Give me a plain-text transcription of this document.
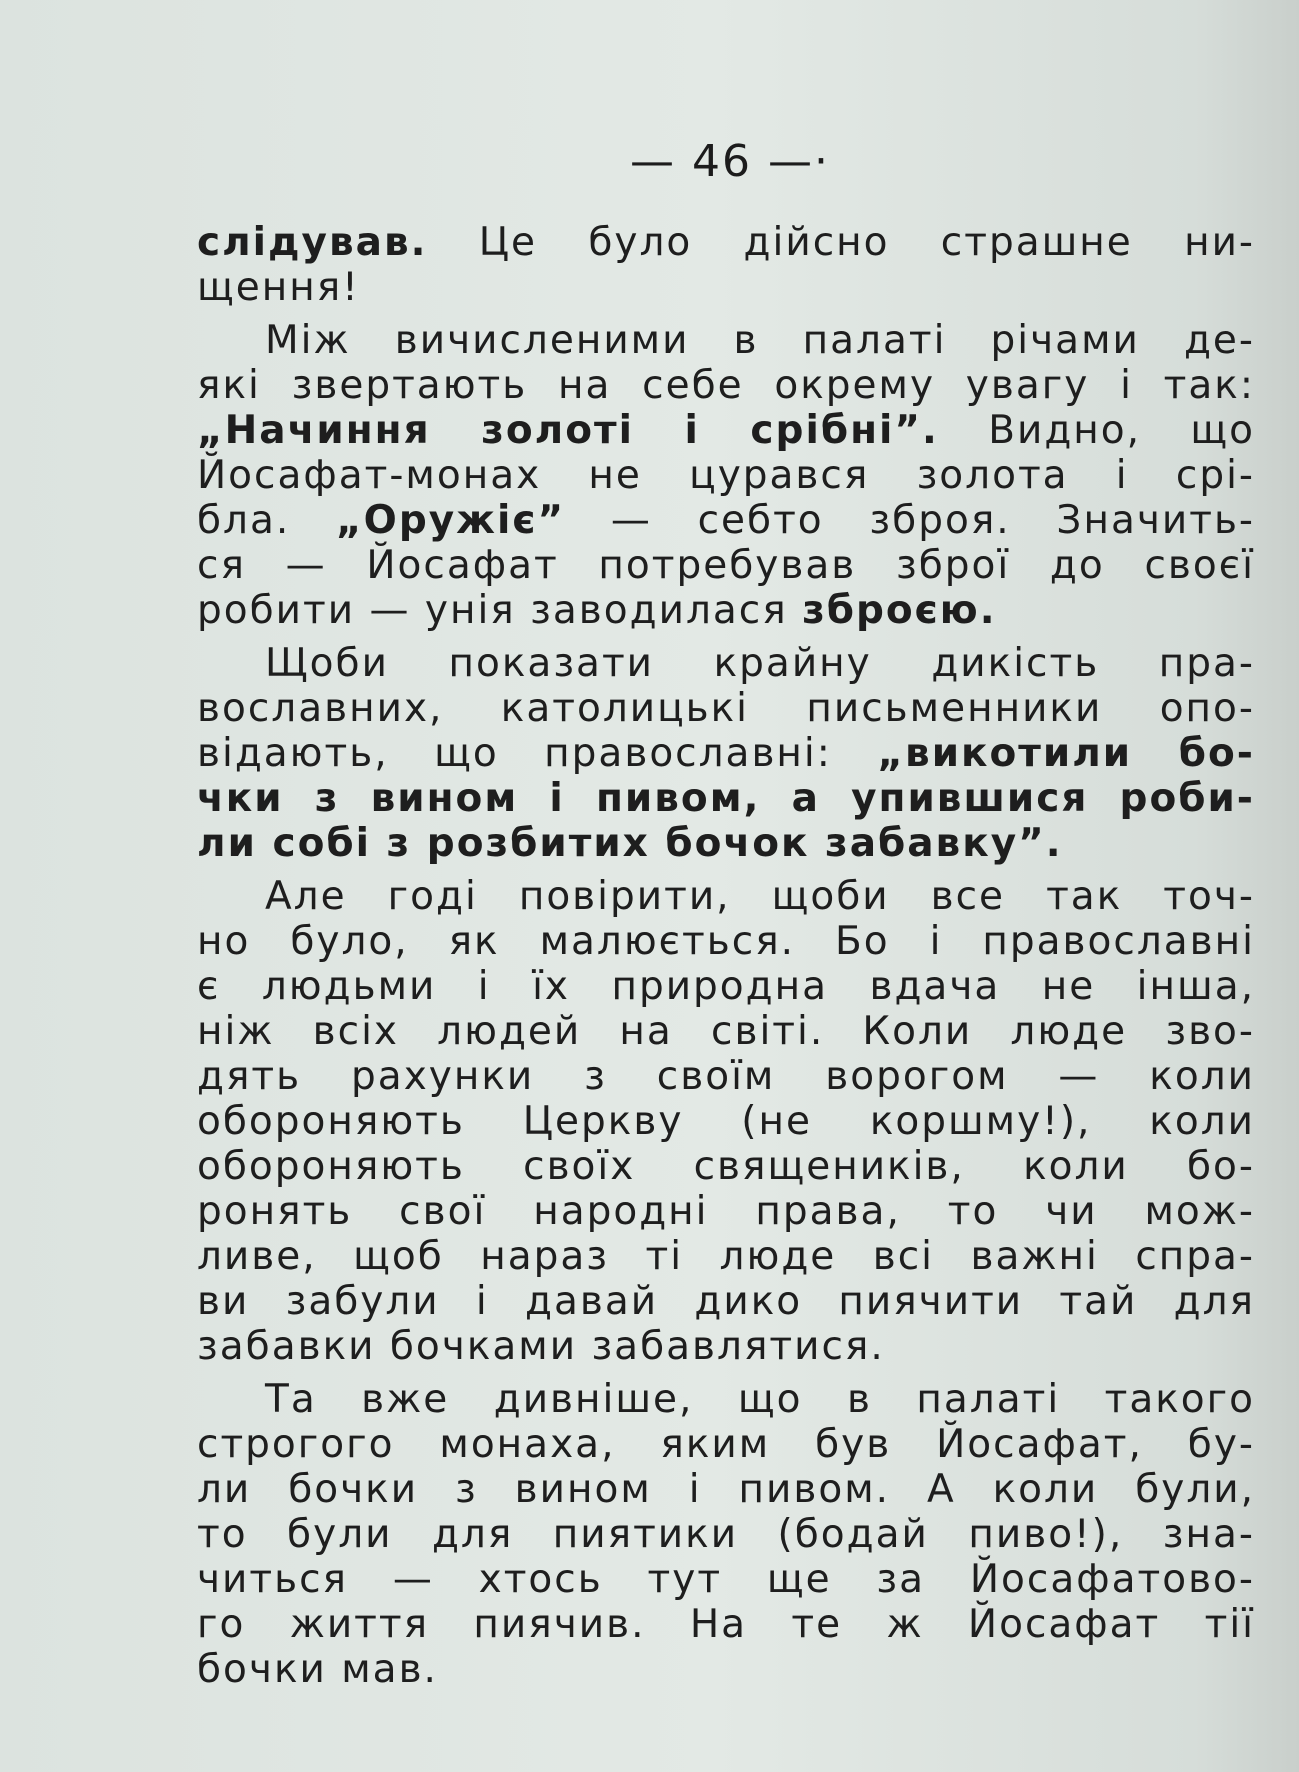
— 46 —·
слідував. Це було дійсно страшне ни-
щення!
Між вичисленими в палаті річами де-
які звертають на себе окрему увагу і так:
„Начиння золоті і срібні”. Видно, що
Йосафат-монах не цурався золота і срі-
бла. „Оружіє” — себто зброя. Значить-
ся — Йосафат потребував зброї до своєї
робити — унія заводилася зброєю.
Щоби показати крайну дикість пра-
вославних, католицькі письменники опо-
відають, що православні: „викотили бо-
чки з вином і пивом, а упившися роби-
ли собі з розбитих бочок забавку”.
Але годі повірити, щоби все так точ-
но було, як малюється. Бо і православні
є людьми і їх природна вдача не інша,
ніж всіх людей на світі. Коли люде зво-
дять рахунки з своїм ворогом — коли
обороняють Церкву (не коршму!), коли
обороняють своїх священиків, коли бо-
ронять свої народні права, то чи мож-
ливе, щоб нараз ті люде всі важні спра-
ви забули і давай дико пиячити тай для
забавки бочками забавлятися.
Та вже дивніше, що в палаті такого
строгого монаха, яким був Йосафат, бу-
ли бочки з вином і пивом. А коли були,
то були для пиятики (бодай пиво!), зна-
читься — хтось тут ще за Йосафатово-
го життя пиячив. На те ж Йосафат тії
бочки мав.
